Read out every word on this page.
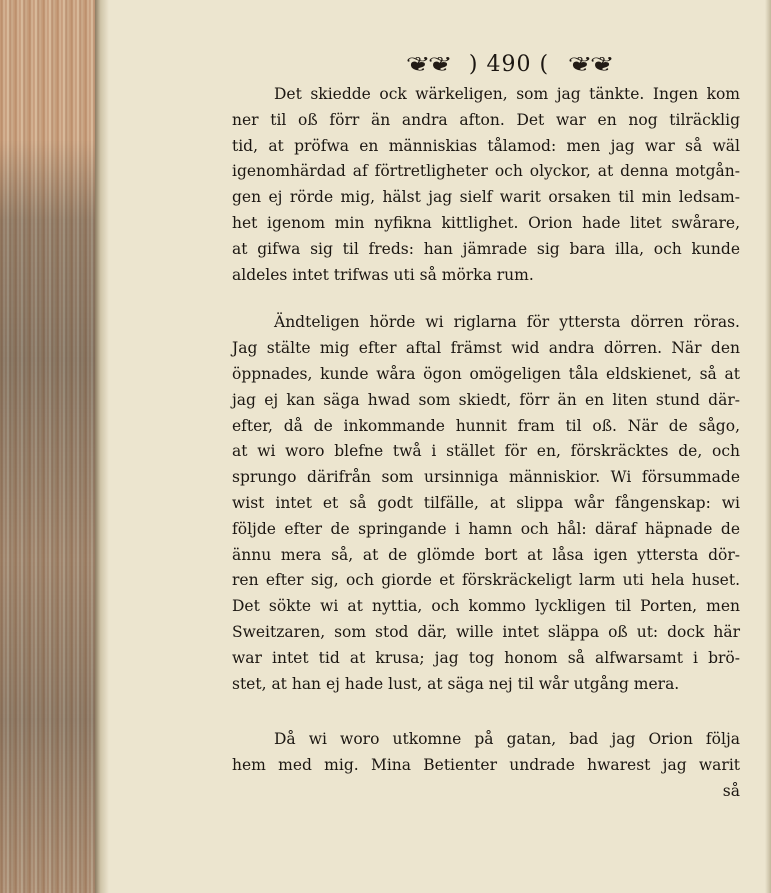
❦❦ ) 490 ( ❦❦
Det skiedde ock wärkeligen, som jag tänkte. Ingen kom
ner til oß förr än andra afton. Det war en nog tilräcklig
tid, at pröfwa en människias tålamod: men jag war så wäl
igenomhärdad af förtretligheter och olyckor, at denna motgån-
gen ej rörde mig, hälst jag sielf warit orsaken til min ledsam-
het igenom min nyfikna kittlighet. Orion hade litet swårare,
at gifwa sig til freds: han jämrade sig bara illa, och kunde
aldeles intet trifwas uti så mörka rum.
Ändteligen hörde wi riglarna för yttersta dörren röras.
Jag stälte mig efter aftal främst wid andra dörren. När den
öppnades, kunde wåra ögon omögeligen tåla eldskienet, så at
jag ej kan säga hwad som skiedt, förr än en liten stund där-
efter, då de inkommande hunnit fram til oß. När de sågo,
at wi woro blefne twå i stället för en, förskräcktes de, och
sprungo därifrån som ursinniga människior. Wi försummade
wist intet et så godt tilfälle, at slippa wår fångenskap: wi
följde efter de springande i hamn och hål: däraf häpnade de
ännu mera så, at de glömde bort at låsa igen yttersta dör-
ren efter sig, och giorde et förskräckeligt larm uti hela huset.
Det sökte wi at nyttia, och kommo lyckligen til Porten, men
Sweitzaren, som stod där, wille intet släppa oß ut: dock här
war intet tid at krusa; jag tog honom så alfwarsamt i brö-
stet, at han ej hade lust, at säga nej til wår utgång mera.
Då wi woro utkomne på gatan, bad jag Orion följa
hem med mig. Mina Betienter undrade hwarest jag warit
så
